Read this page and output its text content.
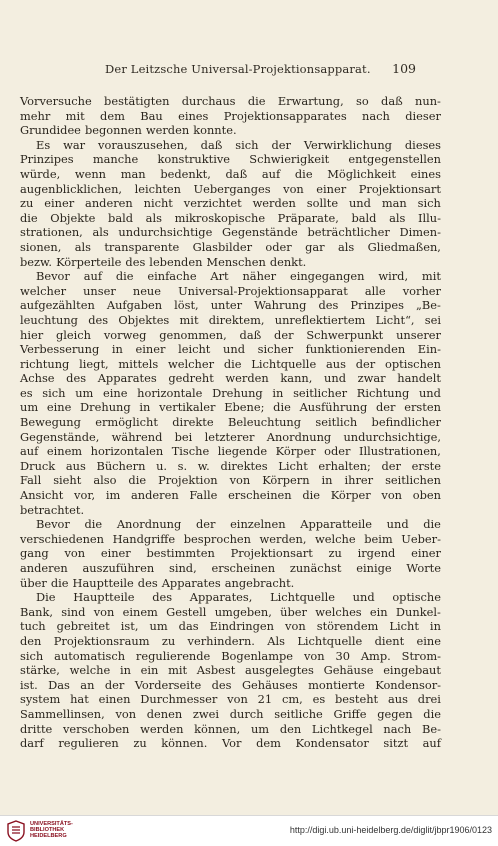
Der Leitzsche Universal-Projektionsapparat. 109
Vorversuche bestätigten durchaus die Erwartung, so daß nun-
mehr mit dem Bau eines Projektionsapparates nach dieser
Grundidee begonnen werden konnte.
Es war vorauszusehen, daß sich der Verwirklichung dieses
Prinzipes manche konstruktive Schwierigkeit entgegenstellen
würde, wenn man bedenkt, daß auf die Möglichkeit eines
augenblicklichen, leichten Ueberganges von einer Projektionsart
zu einer anderen nicht verzichtet werden sollte und man sich
die Objekte bald als mikroskopische Präparate, bald als Illu-
strationen, als undurchsichtige Gegenstände beträchtlicher Dimen-
sionen, als transparente Glasbilder oder gar als Gliedmaßen,
bezw. Körperteile des lebenden Menschen denkt.
Bevor auf die einfache Art näher eingegangen wird, mit
welcher unser neue Universal-Projektionsapparat alle vorher
aufgezählten Aufgaben löst, unter Wahrung des Prinzipes „Be-
leuchtung des Objektes mit direktem, unreflektiertem Licht“, sei
hier gleich vorweg genommen, daß der Schwerpunkt unserer
Verbesserung in einer leicht und sicher funktionierenden Ein-
richtung liegt, mittels welcher die Lichtquelle aus der optischen
Achse des Apparates gedreht werden kann, und zwar handelt
es sich um eine horizontale Drehung in seitlicher Richtung und
um eine Drehung in vertikaler Ebene; die Ausführung der ersten
Bewegung ermöglicht direkte Beleuchtung seitlich befindlicher
Gegenstände, während bei letzterer Anordnung undurchsichtige,
auf einem horizontalen Tische liegende Körper oder Illustrationen,
Druck aus Büchern u. s. w. direktes Licht erhalten; der erste
Fall sieht also die Projektion von Körpern in ihrer seitlichen
Ansicht vor, im anderen Falle erscheinen die Körper von oben
betrachtet.
Bevor die Anordnung der einzelnen Apparatteile und die
verschiedenen Handgriffe besprochen werden, welche beim Ueber-
gang von einer bestimmten Projektionsart zu irgend einer
anderen auszuführen sind, erscheinen zunächst einige Worte
über die Hauptteile des Apparates angebracht.
Die Hauptteile des Apparates, Lichtquelle und optische
Bank, sind von einem Gestell umgeben, über welches ein Dunkel-
tuch gebreitet ist, um das Eindringen von störendem Licht in
den Projektionsraum zu verhindern. Als Lichtquelle dient eine
sich automatisch regulierende Bogenlampe von 30 Amp. Strom-
stärke, welche in ein mit Asbest ausgelegtes Gehäuse eingebaut
ist. Das an der Vorderseite des Gehäuses montierte Kondensor-
system hat einen Durchmesser von 21 cm, es besteht aus drei
Sammellinsen, von denen zwei durch seitliche Griffe gegen die
dritte verschoben werden können, um den Lichtkegel nach Be-
darf regulieren zu können. Vor dem Kondensator sitzt auf
UNIVERSITÄTS-
BIBLIOTHEK
HEIDELBERG
http://digi.ub.uni-heidelberg.de/diglit/jbpr1906/0123
